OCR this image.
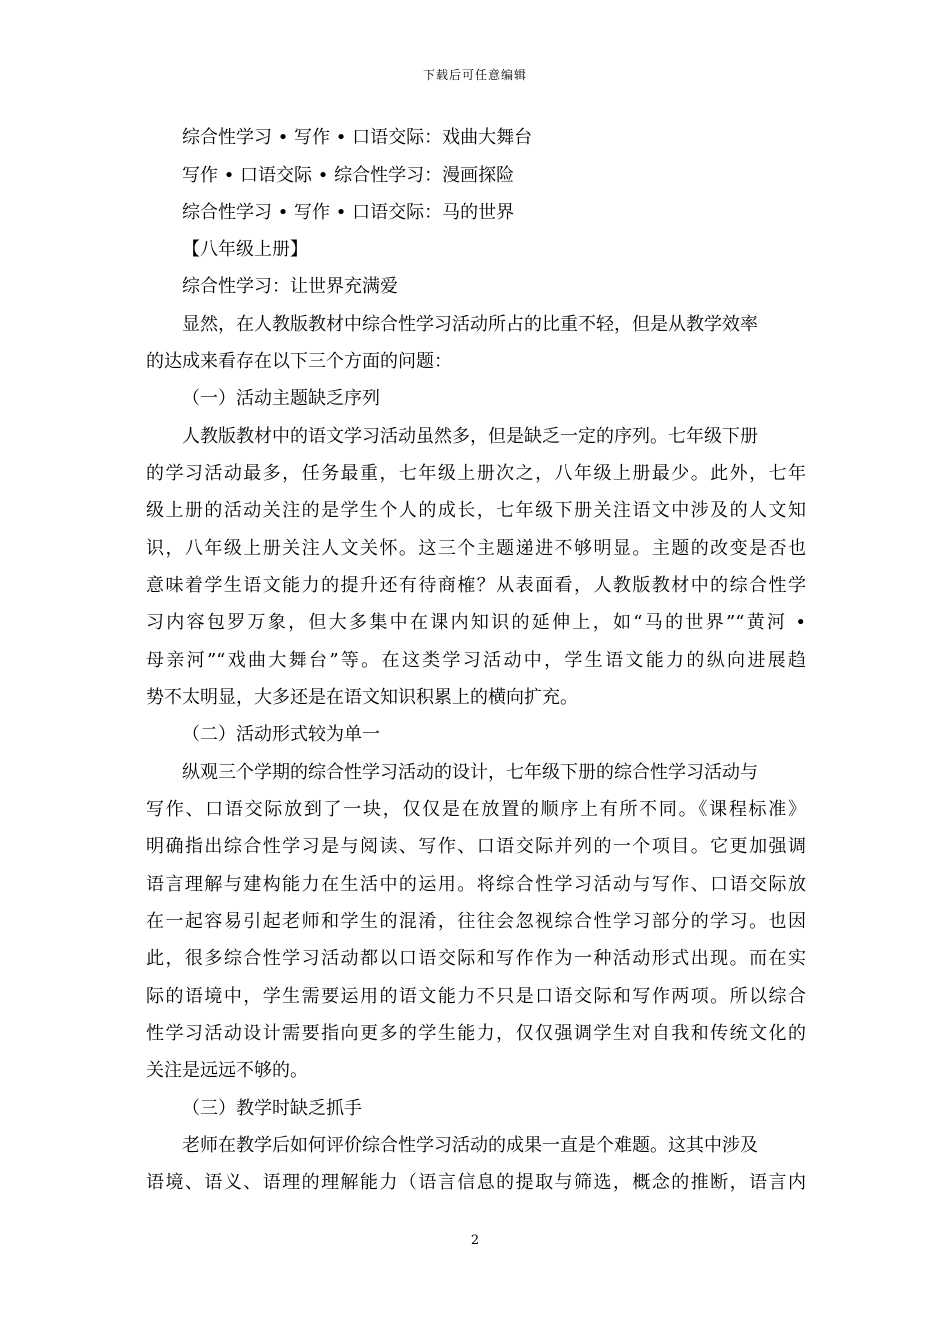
下载后可任意编辑
综合性学习 • 写作 • 口语交际：戏曲大舞台
写作 • 口语交际 • 综合性学习：漫画探险
综合性学习 • 写作 • 口语交际：马的世界
【八年级上册】
综合性学习：让世界充满爱
显然，在人教版教材中综合性学习活动所占的比重不轻，但是从教学效率
的达成来看存在以下三个方面的问题：
（一）活动主题缺乏序列
人教版教材中的语文学习活动虽然多，但是缺乏一定的序列。七年级下册
的学习活动最多，任务最重，七年级上册次之，八年级上册最少。此外，七年
级上册的活动关注的是学生个人的成长，七年级下册关注语文中涉及的人文知
识，八年级上册关注人文关怀。这三个主题递进不够明显。主题的改变是否也
意味着学生语文能力的提升还有待商榷？从表面看，人教版教材中的综合性学
习内容包罗万象，但大多集中在课内知识的延伸上，如“马的世界”“黄河 •
母亲河”“戏曲大舞台”等。在这类学习活动中，学生语文能力的纵向进展趋
势不太明显，大多还是在语文知识积累上的横向扩充。
（二）活动形式较为单一
纵观三个学期的综合性学习活动的设计，七年级下册的综合性学习活动与
写作、口语交际放到了一块，仅仅是在放置的顺序上有所不同。《课程标准》
明确指出综合性学习是与阅读、写作、口语交际并列的一个项目。它更加强调
语言理解与建构能力在生活中的运用。将综合性学习活动与写作、口语交际放
在一起容易引起老师和学生的混淆，往往会忽视综合性学习部分的学习。也因
此，很多综合性学习活动都以口语交际和写作作为一种活动形式出现。而在实
际的语境中，学生需要运用的语文能力不只是口语交际和写作两项。所以综合
性学习活动设计需要指向更多的学生能力，仅仅强调学生对自我和传统文化的
关注是远远不够的。
（三）教学时缺乏抓手
老师在教学后如何评价综合性学习活动的成果一直是个难题。这其中涉及
语境、语义、语理的理解能力（语言信息的提取与筛选，概念的推断，语言内
2
